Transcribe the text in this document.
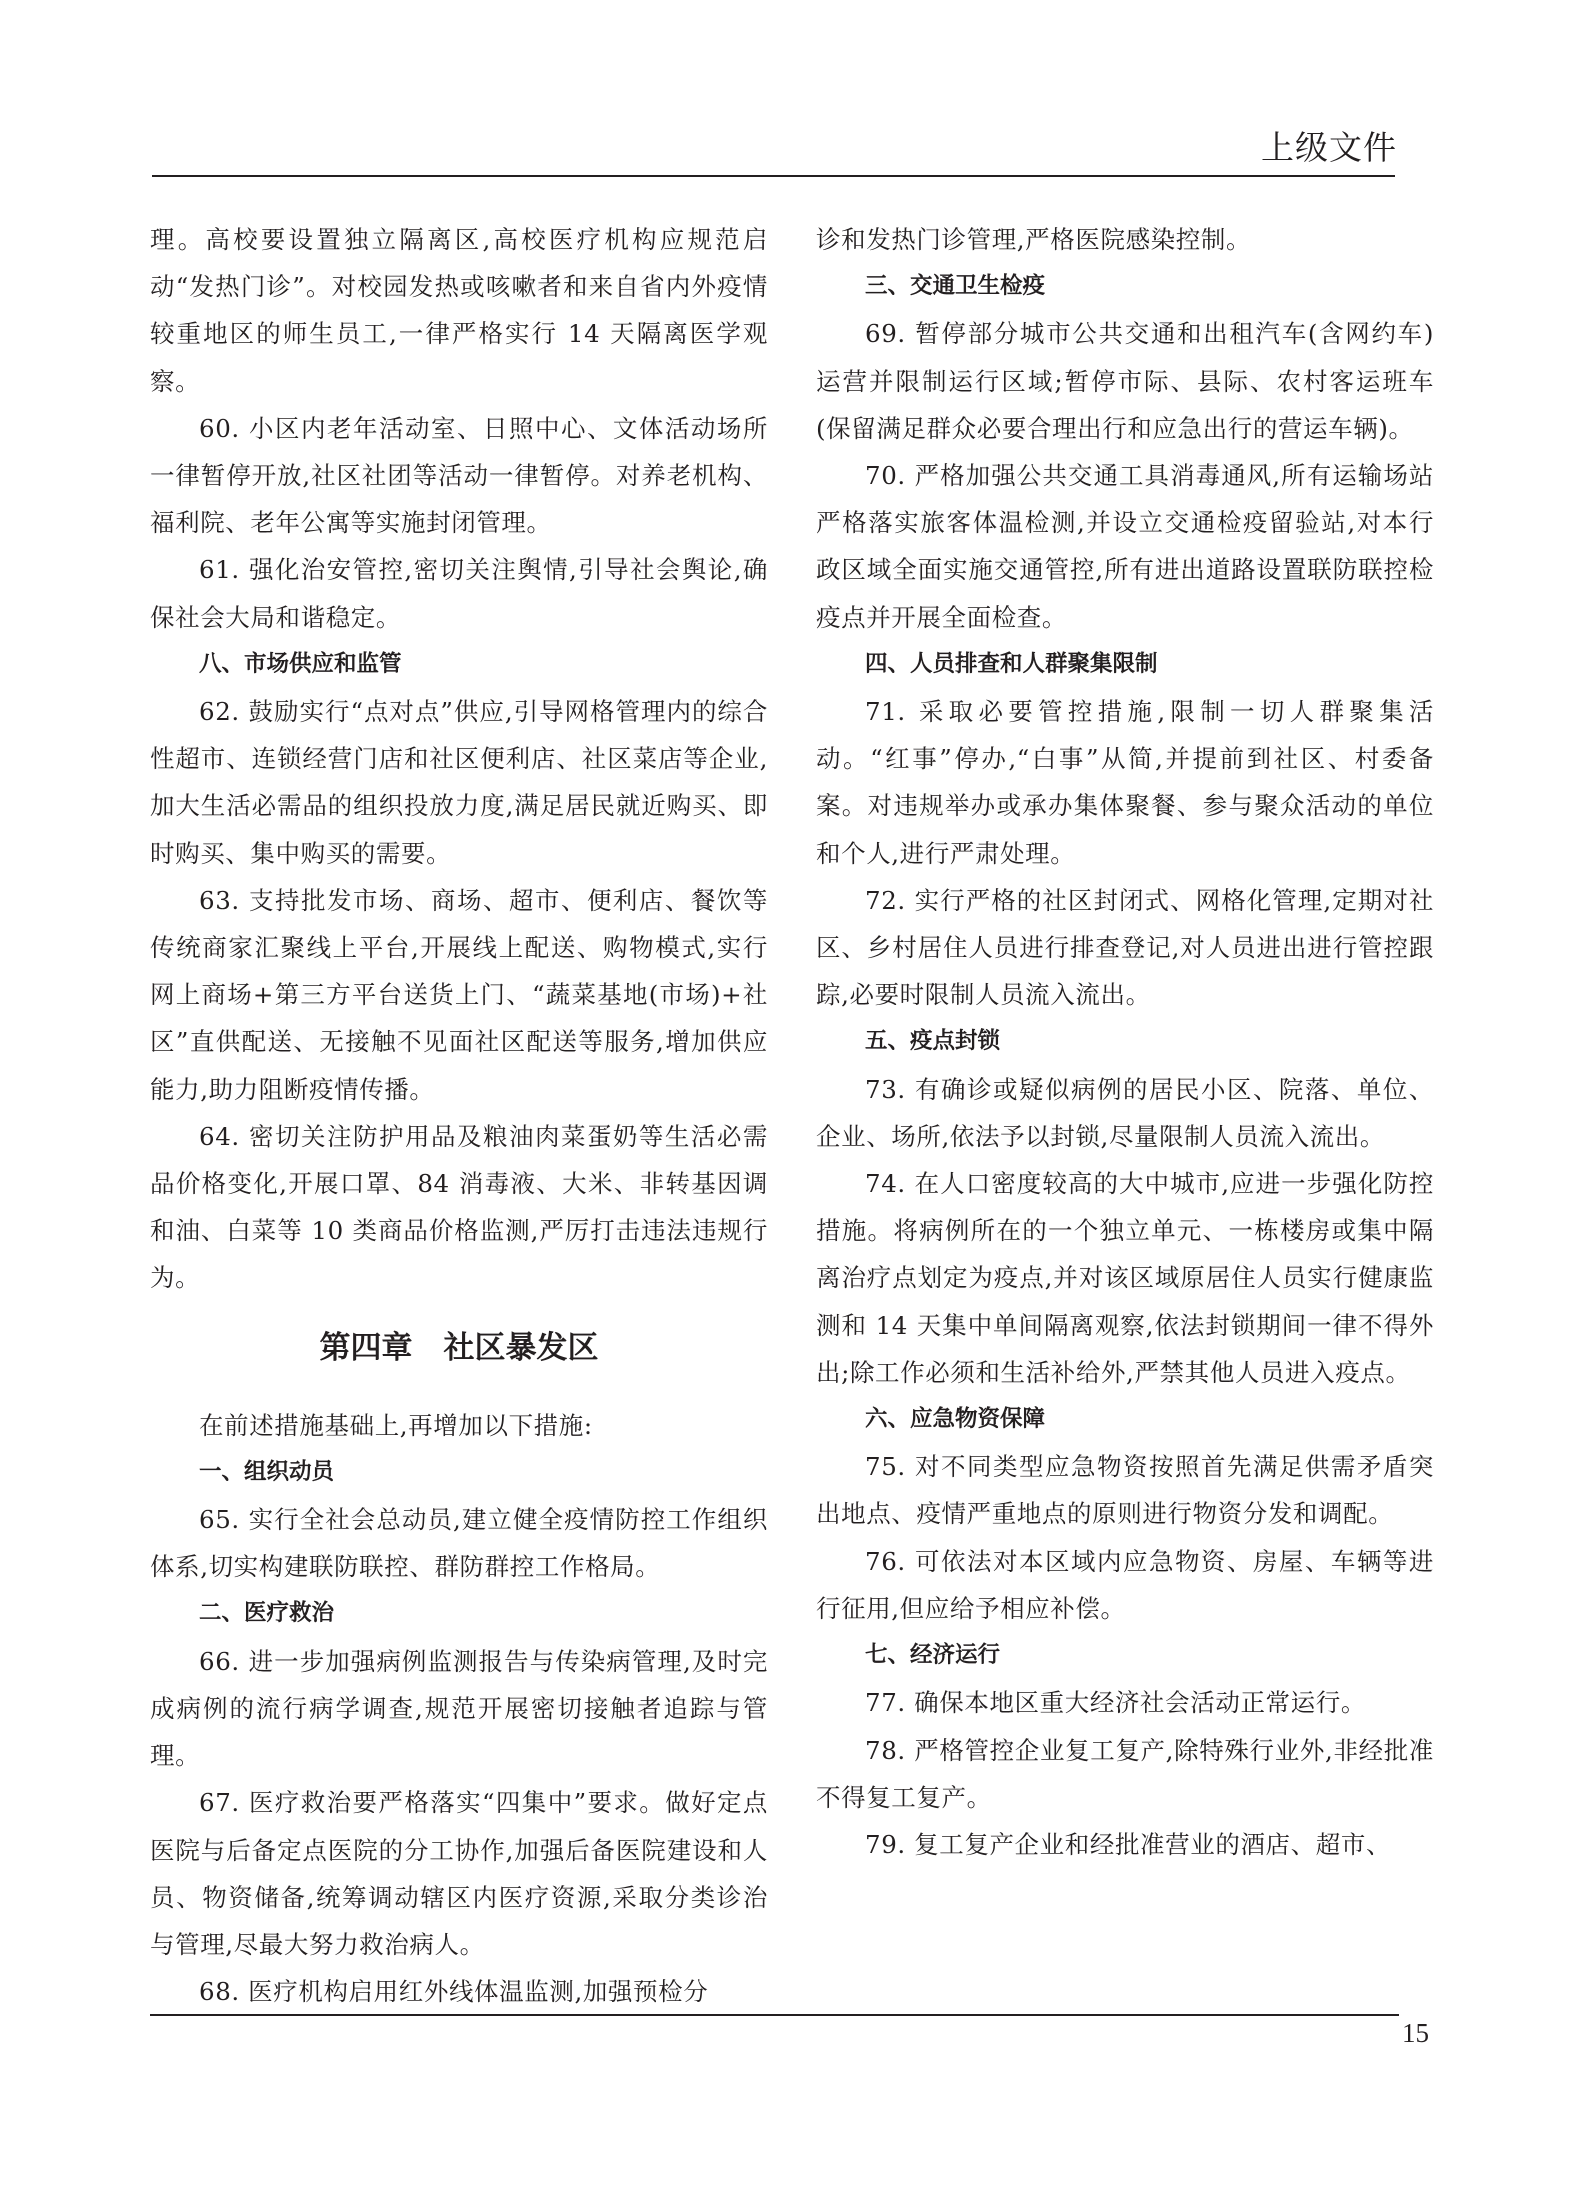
上级文件
理。高校要设置独立隔离区,高校医疗机构应规范启动“发热门诊”。对校园发热或咳嗽者和来自省内外疫情较重地区的师生员工,一律严格实行 14 天隔离医学观察。
60. 小区内老年活动室、日照中心、文体活动场所一律暂停开放,社区社团等活动一律暂停。对养老机构、福利院、老年公寓等实施封闭管理。
61. 强化治安管控,密切关注舆情,引导社会舆论,确保社会大局和谐稳定。
八、市场供应和监管
62. 鼓励实行“点对点”供应,引导网格管理内的综合性超市、连锁经营门店和社区便利店、社区菜店等企业,加大生活必需品的组织投放力度,满足居民就近购买、即时购买、集中购买的需要。
63. 支持批发市场、商场、超市、便利店、餐饮等传统商家汇聚线上平台,开展线上配送、购物模式,实行网上商场+第三方平台送货上门、“蔬菜基地(市场)+社区”直供配送、无接触不见面社区配送等服务,增加供应能力,助力阻断疫情传播。
64. 密切关注防护用品及粮油肉菜蛋奶等生活必需品价格变化,开展口罩、84 消毒液、大米、非转基因调和油、白菜等 10 类商品价格监测,严厉打击违法违规行为。
第四章　社区暴发区
在前述措施基础上,再增加以下措施:
一、组织动员
65. 实行全社会总动员,建立健全疫情防控工作组织体系,切实构建联防联控、群防群控工作格局。
二、医疗救治
66. 进一步加强病例监测报告与传染病管理,及时完成病例的流行病学调查,规范开展密切接触者追踪与管理。
67. 医疗救治要严格落实“四集中”要求。做好定点医院与后备定点医院的分工协作,加强后备医院建设和人员、物资储备,统筹调动辖区内医疗资源,采取分类诊治与管理,尽最大努力救治病人。
68. 医疗机构启用红外线体温监测,加强预检分
诊和发热门诊管理,严格医院感染控制。
三、交通卫生检疫
69. 暂停部分城市公共交通和出租汽车(含网约车)运营并限制运行区域;暂停市际、县际、农村客运班车(保留满足群众必要合理出行和应急出行的营运车辆)。
70. 严格加强公共交通工具消毒通风,所有运输场站严格落实旅客体温检测,并设立交通检疫留验站,对本行政区域全面实施交通管控,所有进出道路设置联防联控检疫点并开展全面检查。
四、人员排查和人群聚集限制
71. 采取必要管控措施,限制一切人群聚集活动。“红事”停办,“白事”从简,并提前到社区、村委备案。对违规举办或承办集体聚餐、参与聚众活动的单位和个人,进行严肃处理。
72. 实行严格的社区封闭式、网格化管理,定期对社区、乡村居住人员进行排查登记,对人员进出进行管控跟踪,必要时限制人员流入流出。
五、疫点封锁
73. 有确诊或疑似病例的居民小区、院落、单位、企业、场所,依法予以封锁,尽量限制人员流入流出。
74. 在人口密度较高的大中城市,应进一步强化防控措施。将病例所在的一个独立单元、一栋楼房或集中隔离治疗点划定为疫点,并对该区域原居住人员实行健康监测和 14 天集中单间隔离观察,依法封锁期间一律不得外出;除工作必须和生活补给外,严禁其他人员进入疫点。
六、应急物资保障
75. 对不同类型应急物资按照首先满足供需矛盾突出地点、疫情严重地点的原则进行物资分发和调配。
76. 可依法对本区域内应急物资、房屋、车辆等进行征用,但应给予相应补偿。
七、经济运行
77. 确保本地区重大经济社会活动正常运行。
78. 严格管控企业复工复产,除特殊行业外,非经批准不得复工复产。
79. 复工复产企业和经批准营业的酒店、超市、
15
